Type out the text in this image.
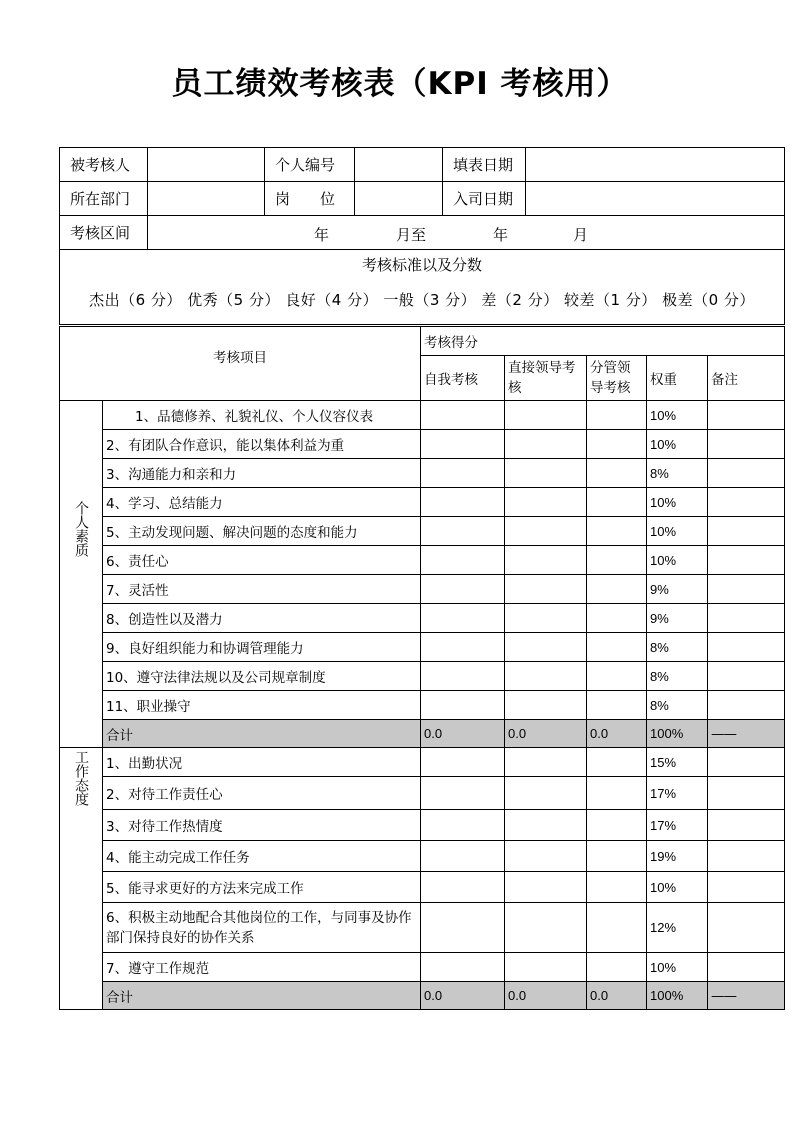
员工绩效考核表（KPI 考核用）
被考核人		个人编号		填表日期	
所在部门		岗　　位		入司日期	
考核区间	年 月至 年 月				

考核标准以及分数
杰出（6 分） 优秀（5 分） 良好（4 分） 一般（3 分） 差（2 分） 较差（1 分） 极差（0 分）					
考核项目		考核得分				
		自我考核	直接领导考核	分管领导考核	权重	备注

个人素质	1、品德修养、礼貌礼仪、个人仪容仪表				10%	
	2、有团队合作意识，能以集体利益为重				10%	
	3、沟通能力和亲和力				8%	
	4、学习、总结能力				10%	
	5、主动发现问题、解决问题的态度和能力				10%	
	6、责任心				10%	
	7、灵活性				9%	
	8、创造性以及潜力				9%	
	9、良好组织能力和协调管理能力				8%	
	10、遵守法律法规以及公司规章制度				8%	
	11、职业操守				8%	
	合计	0.0	0.0	0.0	100%	——

工作态度	1、出勤状况				15%	
	2、对待工作责任心				17%	
	3、对待工作热情度				17%	
	4、能主动完成工作任务				19%	
	5、能寻求更好的方法来完成工作				10%	
	6、积极主动地配合其他岗位的工作，与同事及协作部门保持良好的协作关系				12%	
	7、遵守工作规范				10%	
	合计	0.0	0.0	0.0	100%	——
